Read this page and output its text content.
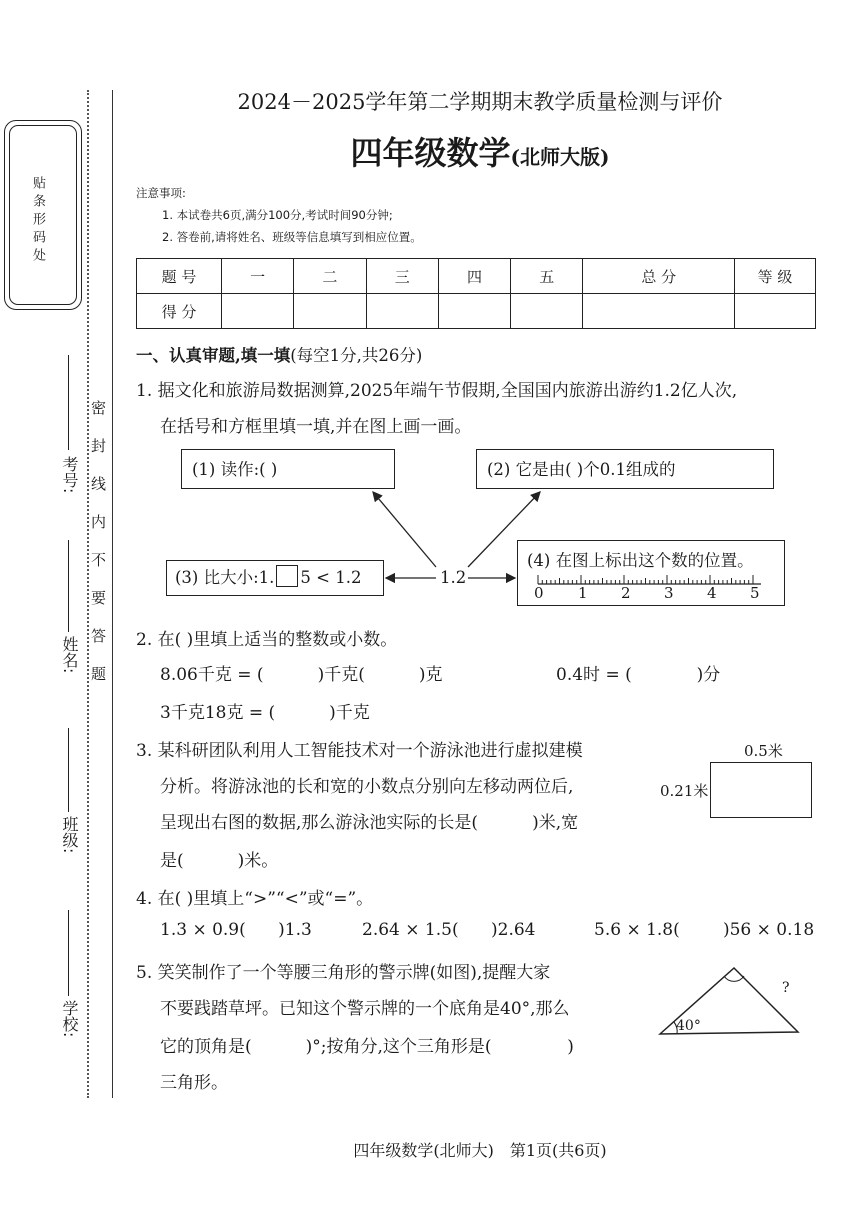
贴条形码处
考号:
姓名:
班级:
学校:
密封线内不要答题
2024－2025学年第二学期期末教学质量检测与评价
四年级数学(北师大版)
注意事项:
1. 本试卷共6页,满分100分,考试时间90分钟;
2. 答卷前,请将姓名、班级等信息填写到相应位置。
题 号	一	二	三	四	五	总 分	等 级
得 分							
一、认真审题,填一填(每空1分,共26分)
1. 据文化和旅游局数据测算,2025年端午节假期,全国国内旅游出游约1.2亿人次,
在括号和方框里填一填,并在图上画一画。
(1) 读作:( )	(2) 它是由( )个0.1组成的
(3) 比大小:1. 5 < 1.2	1.2
(4) 在图上标出这个数的位置。
0 1 2 3 4 5
2. 在( )里填上适当的整数或小数。
8.06千克 = (          )千克(          )克	0.4时 = (            )分
3千克18克 = (          )千克
3. 某科研团队利用人工智能技术对一个游泳池进行虚拟建模
分析。将游泳池的长和宽的小数点分别向左移动两位后,
呈现出右图的数据,那么游泳池实际的长是(          )米,宽
是(          )米。
0.5米
0.21米
4. 在( )里填上“>”“<”或“=”。
1.3 × 0.9(      )1.3	2.64 × 1.5(      )2.64	5.6 × 1.8(        )56 × 0.18
5. 笑笑制作了一个等腰三角形的警示牌(如图),提醒大家
不要践踏草坪。已知这个警示牌的一个底角是40°,那么
它的顶角是(          )°;按角分,这个三角形是(              )
三角形。
?
40°
四年级数学(北师大)　第1页(共6页)
